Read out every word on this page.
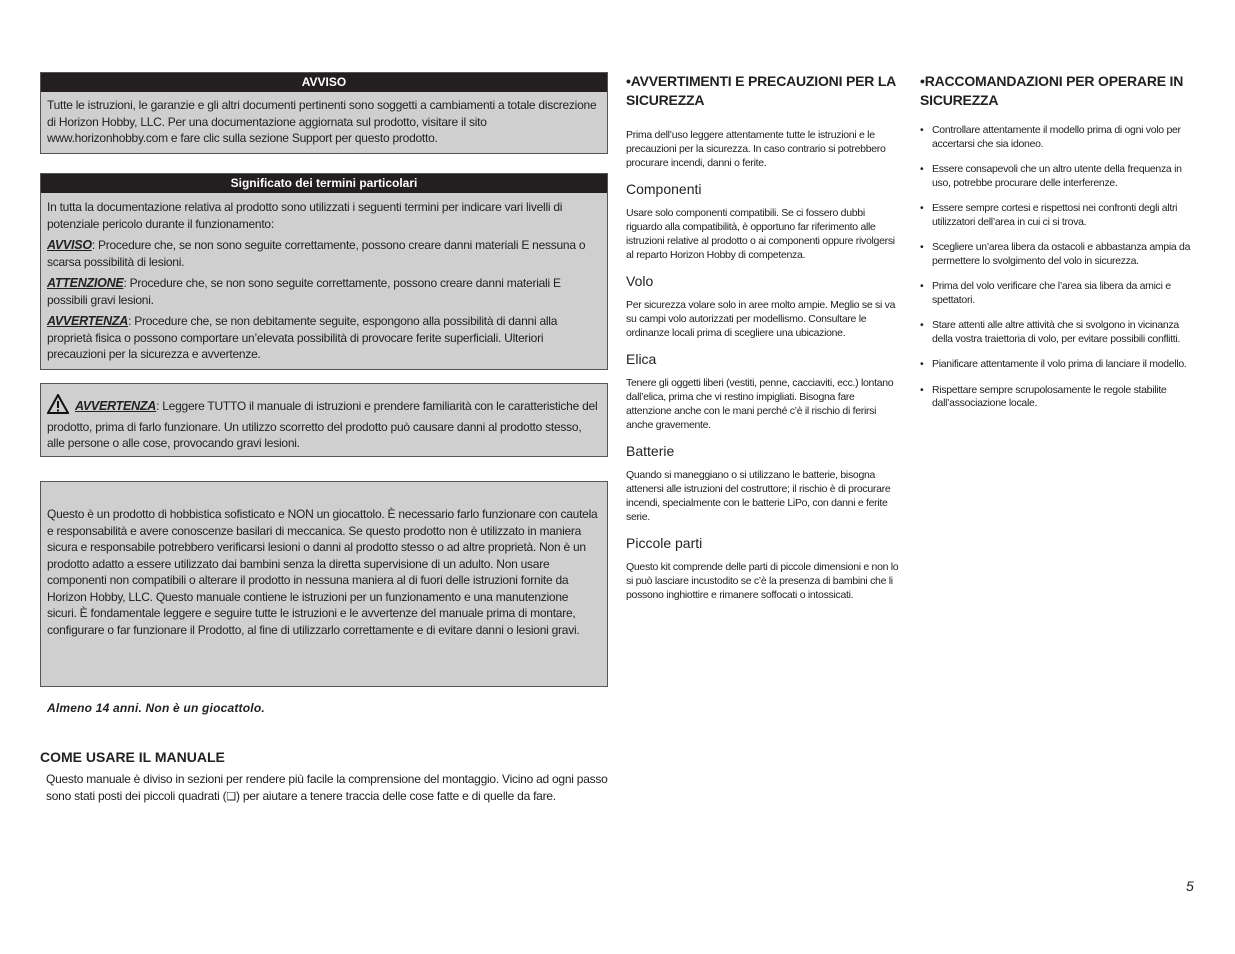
AVVISO

Tutte le istruzioni, le garanzie e gli altri documenti pertinenti sono soggetti a cambiamenti a totale discrezione di Horizon Hobby, LLC. Per una documentazione aggiornata sul prodotto, visitare il sito www.horizonhobby.com e fare clic sulla sezione Support per questo prodotto.

Significato dei termini particolari

In tutta la documentazione relativa al prodotto sono utilizzati i seguenti termini per indicare vari livelli di potenziale pericolo durante il funzionamento:

AVVISO: Procedure che, se non sono seguite correttamente, possono creare danni materiali E nessuna o scarsa possibilità di lesioni.

ATTENZIONE: Procedure che, se non sono seguite correttamente, possono creare danni materiali E possibili gravi lesioni.

AVVERTENZA: Procedure che, se non debitamente seguite, espongono alla possibilità di danni alla proprietà fisica o possono comportare un’elevata possibilità di provocare ferite superficiali. Ulteriori precauzioni per la sicurezza e avvertenze.

AVVERTENZA: Leggere TUTTO il manuale di istruzioni e prendere familiarità con le caratteristiche del prodotto, prima di farlo funzionare. Un utilizzo scorretto del prodotto può causare danni al prodotto stesso, alle persone o alle cose, provocando gravi lesioni.

Questo è un prodotto di hobbistica sofisticato e NON un giocattolo. È necessario farlo funzionare con cautela e responsabilità e avere conoscenze basilari di meccanica. Se questo prodotto non è utilizzato in maniera sicura e responsabile potrebbero verificarsi lesioni o danni al prodotto stesso o ad altre proprietà. Non è un prodotto adatto a essere utilizzato dai bambini senza la diretta supervisione di un adulto. Non usare componenti non compatibili o alterare il prodotto in nessuna maniera al di fuori delle istruzioni fornite da Horizon Hobby, LLC. Questo manuale contiene le istruzioni per un funzionamento e una manutenzione sicuri. È fondamentale leggere e seguire tutte le istruzioni e le avvertenze del manuale prima di montare, configurare o far funzionare il Prodotto, al fine di utilizzarlo correttamente e di evitare danni o lesioni gravi.

Almeno 14 anni. Non è un giocattolo.
COME USARE IL MANUALE

Questo manuale è diviso in sezioni per rendere più facile la comprensione del montaggio. Vicino ad ogni passo sono stati posti dei piccoli quadrati (❑) per aiutare a tenere traccia delle cose fatte e di quelle da fare.

•AVVERTIMENTI E PRECAUZIONI PER LA SICUREZZA

Prima dell’uso leggere attentamente tutte le istruzioni e le precauzioni per la sicurezza. In caso contrario si potrebbero procurare incendi, danni o ferite.

Componenti

Usare solo componenti compatibili. Se ci fossero dubbi riguardo alla compatibilità, è opportuno far riferimento alle istruzioni relative al prodotto o ai componenti oppure rivolgersi al reparto Horizon Hobby di competenza.

Volo

Per sicurezza volare solo in aree molto ampie. Meglio se si va su campi volo autorizzati per modellismo. Consultare le ordinanze locali prima di scegliere una ubicazione.

Elica

Tenere gli oggetti liberi (vestiti, penne, cacciaviti, ecc.) lontano dall’elica, prima che vi restino impigliati. Bisogna fare attenzione anche con le mani perché c’è il rischio di ferirsi anche gravemente.

Batterie

Quando si maneggiano o si utilizzano le batterie, bisogna attenersi alle istruzioni del costruttore; il rischio è di procurare incendi, specialmente con le batterie LiPo, con danni e ferite serie.

Piccole parti

Questo kit comprende delle parti di piccole dimensioni e non lo si può lasciare incustodito se c’è la presenza di bambini che li possono inghiottire e rimanere soffocati o intossicati.

•RACCOMANDAZIONI PER OPERARE IN SICUREZZA
• Controllare attentamente il modello prima di ogni volo per accertarsi che sia idoneo.
• Essere consapevoli che un altro utente della frequenza in uso, potrebbe procurare delle interferenze.
• Essere sempre cortesi e rispettosi nei confronti degli altri utilizzatori dell’area in cui ci si trova.
• Scegliere un’area libera da ostacoli e abbastanza ampia da permettere lo svolgimento del volo in sicurezza.
• Prima del volo verificare che l’area sia libera da amici e spettatori.
• Stare attenti alle altre attività che si svolgono in vicinanza della vostra traiettoria di volo, per evitare possibili conflitti.
• Pianificare attentamente il volo prima di lanciare il modello.
• Rispettare sempre scrupolosamente le regole stabilite dall’associazione locale.
5
